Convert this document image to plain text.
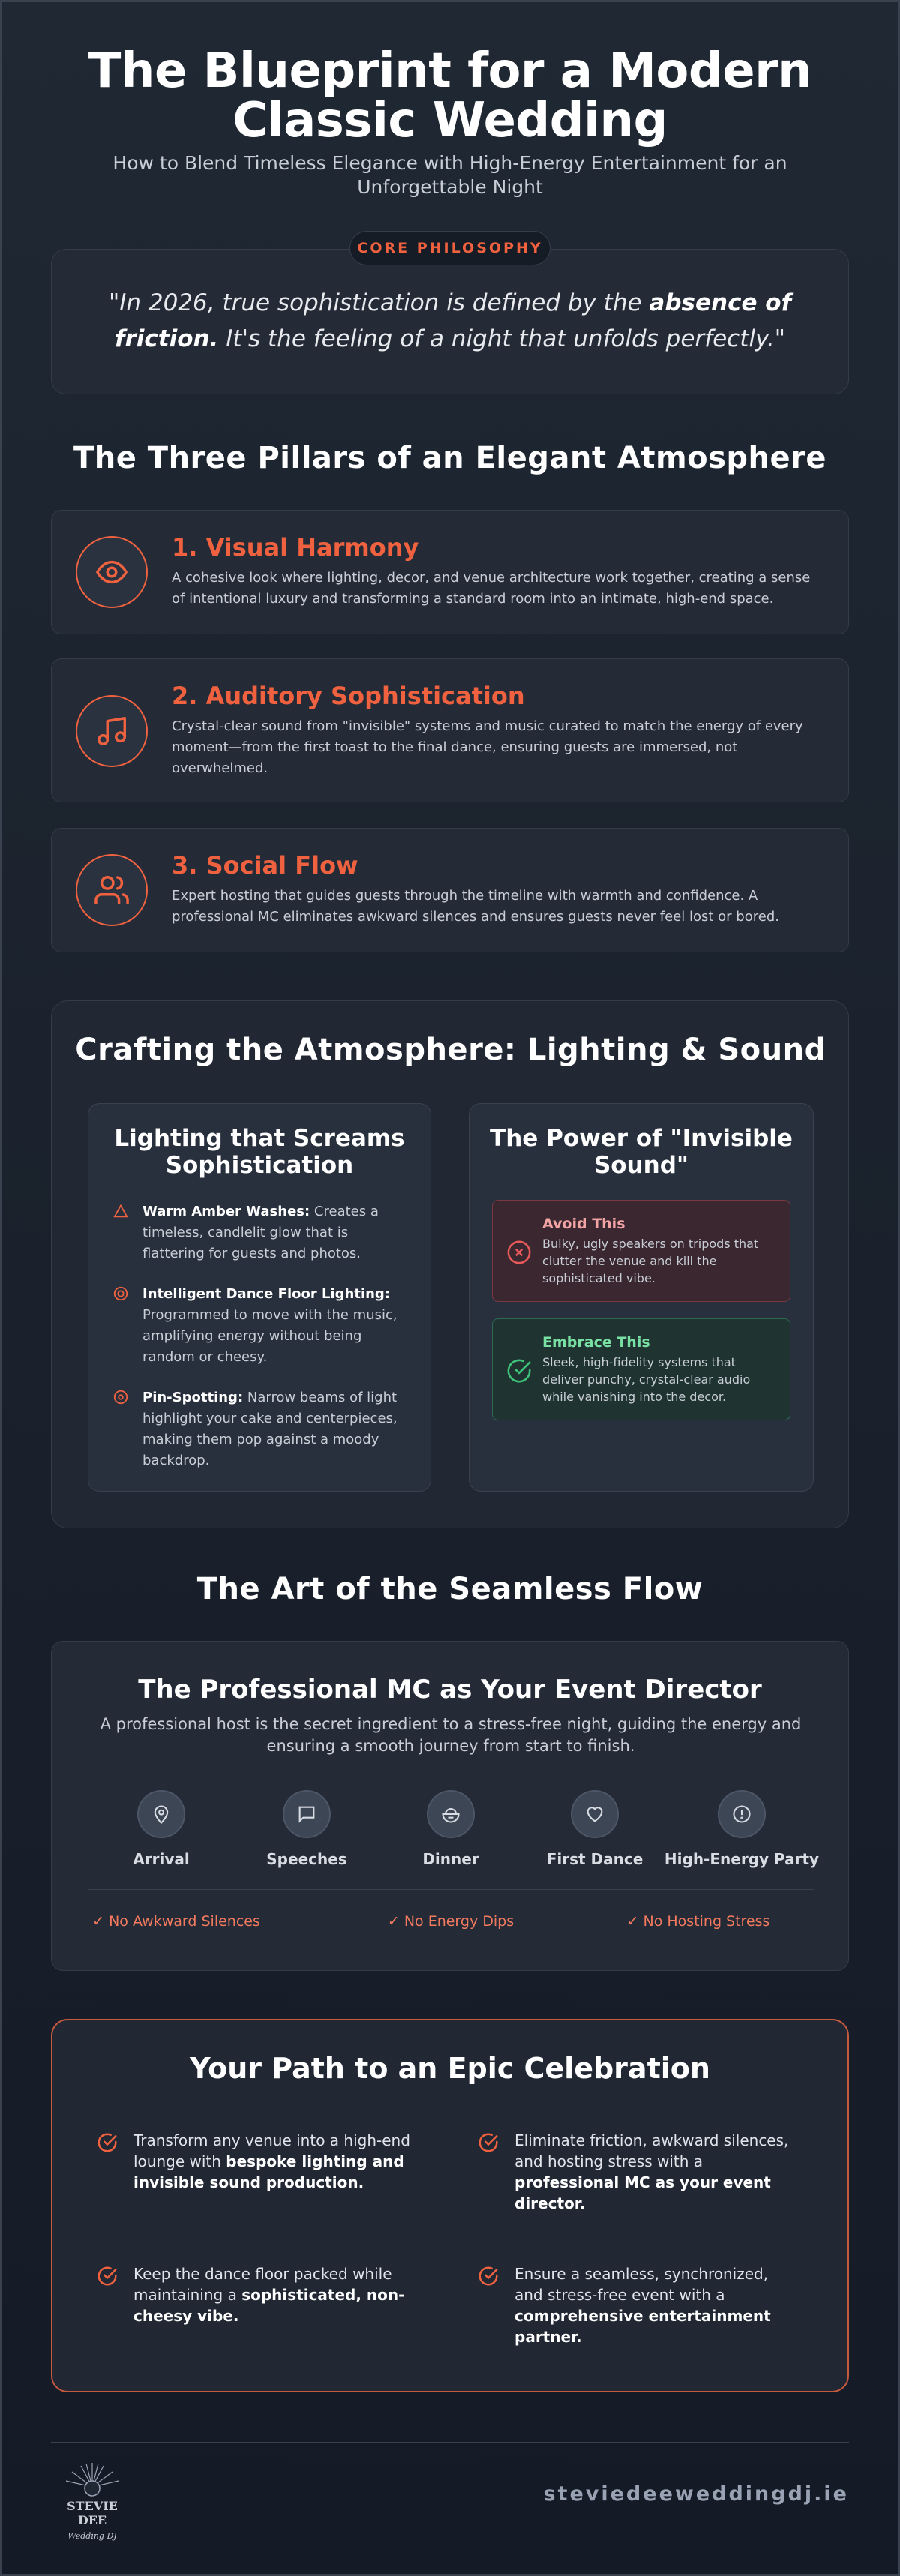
The Blueprint for a Modern
Classic Wedding

How to Blend Timeless Elegance with High-Energy Entertainment for an
Unforgettable Night

CORE PHILOSOPHY

"In 2026, true sophistication is defined by the absence of friction. It's the feeling of a night that unfolds perfectly."

The Three Pillars of an Elegant Atmosphere
1. Visual Harmony
A cohesive look where lighting, decor, and venue architecture work together, creating a sense of intentional luxury and transforming a standard room into an intimate, high-end space.
2. Auditory Sophistication
Crystal-clear sound from "invisible" systems and music curated to match the energy of every moment—from the first toast to the final dance, ensuring guests are immersed, not overwhelmed.
3. Social Flow
Expert hosting that guides guests through the timeline with warmth and confidence. A professional MC eliminates awkward silences and ensures guests never feel lost or bored.
Crafting the Atmosphere: Lighting & Sound
Lighting that Screams
Sophistication
Warm Amber Washes: Creates a timeless, candlelit glow that is flattering for guests and photos.
Intelligent Dance Floor Lighting: Programmed to move with the music, amplifying energy without being random or cheesy.
Pin-Spotting: Narrow beams of light highlight your cake and centerpieces, making them pop against a moody backdrop.
The Power of "Invisible
Sound"
Avoid This
Bulky, ugly speakers on tripods that clutter the venue and kill the sophisticated vibe.
Embrace This
Sleek, high-fidelity systems that deliver punchy, crystal-clear audio while vanishing into the decor.
The Art of the Seamless Flow
The Professional MC as Your Event Director
A professional host is the secret ingredient to a stress-free night, guiding the energy and ensuring a smooth journey from start to finish.
Arrival	Speeches	Dinner	First Dance	High-Energy Party
✓ No Awkward Silences	✓ No Energy Dips	✓ No Hosting Stress
Your Path to an Epic Celebration
Transform any venue into a high-end lounge with bespoke lighting and invisible sound production.
Eliminate friction, awkward silences, and hosting stress with a professional MC as your event director.
Keep the dance floor packed while maintaining a sophisticated, non-cheesy vibe.
Ensure a seamless, synchronized, and stress-free event with a comprehensive entertainment partner.
STEVIE DEE
Wedding DJ
steviedeeweddingdj.ie
